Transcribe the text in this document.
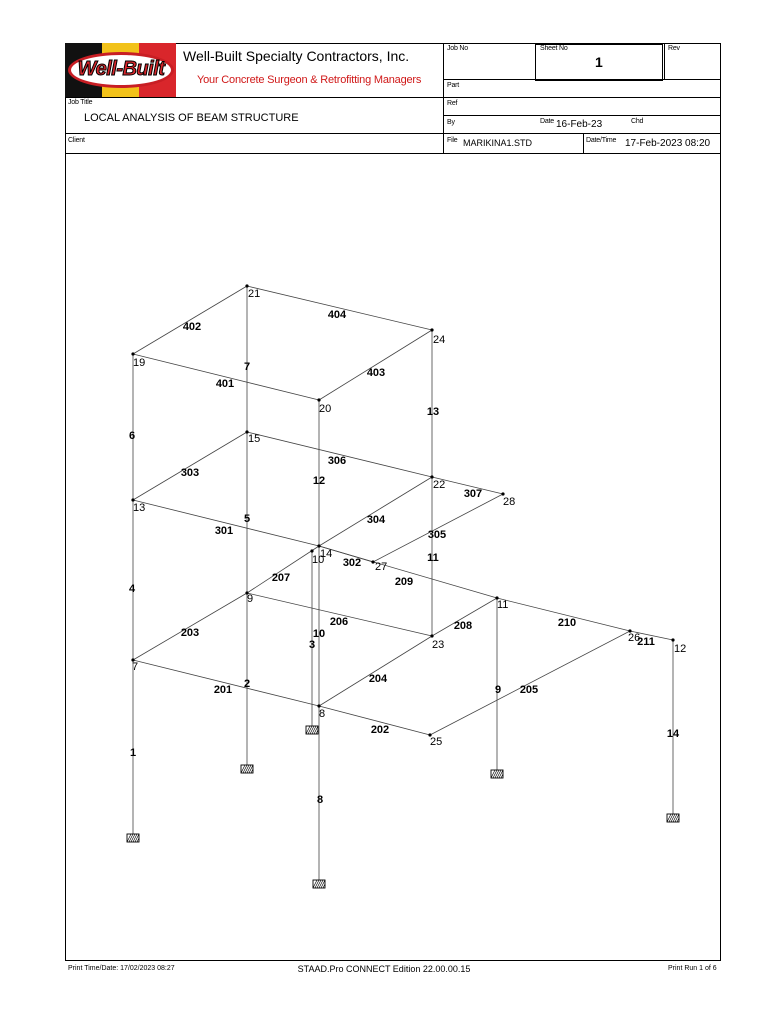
Well-Built
Well-Built Specialty Contractors, Inc.
Your Concrete Surgeon & Retrofitting Managers
Job No	Sheet No
1
Rev
Part
Job Title
LOCAL ANALYSIS OF BEAM STRUCTURE
Ref
By	Date 16-Feb-23	Chd
Client	File MARIKINA1.STD	Date/Time 17-Feb-2023 08:20
21
24
19
20
15
22
28
13
14
10
27
9	11
23
26
12
7
8
25
402
404
401
403
7
6
12
13
303
306
307
301
304
305
302
5
4
11
207	209
10
3
203
206	208	210
211
201
204
205
202
2
1
8
9
14
Print Time/Date: 17/02/2023 08:27	STAAD.Pro CONNECT Edition 22.00.00.15	Print Run 1 of 6
